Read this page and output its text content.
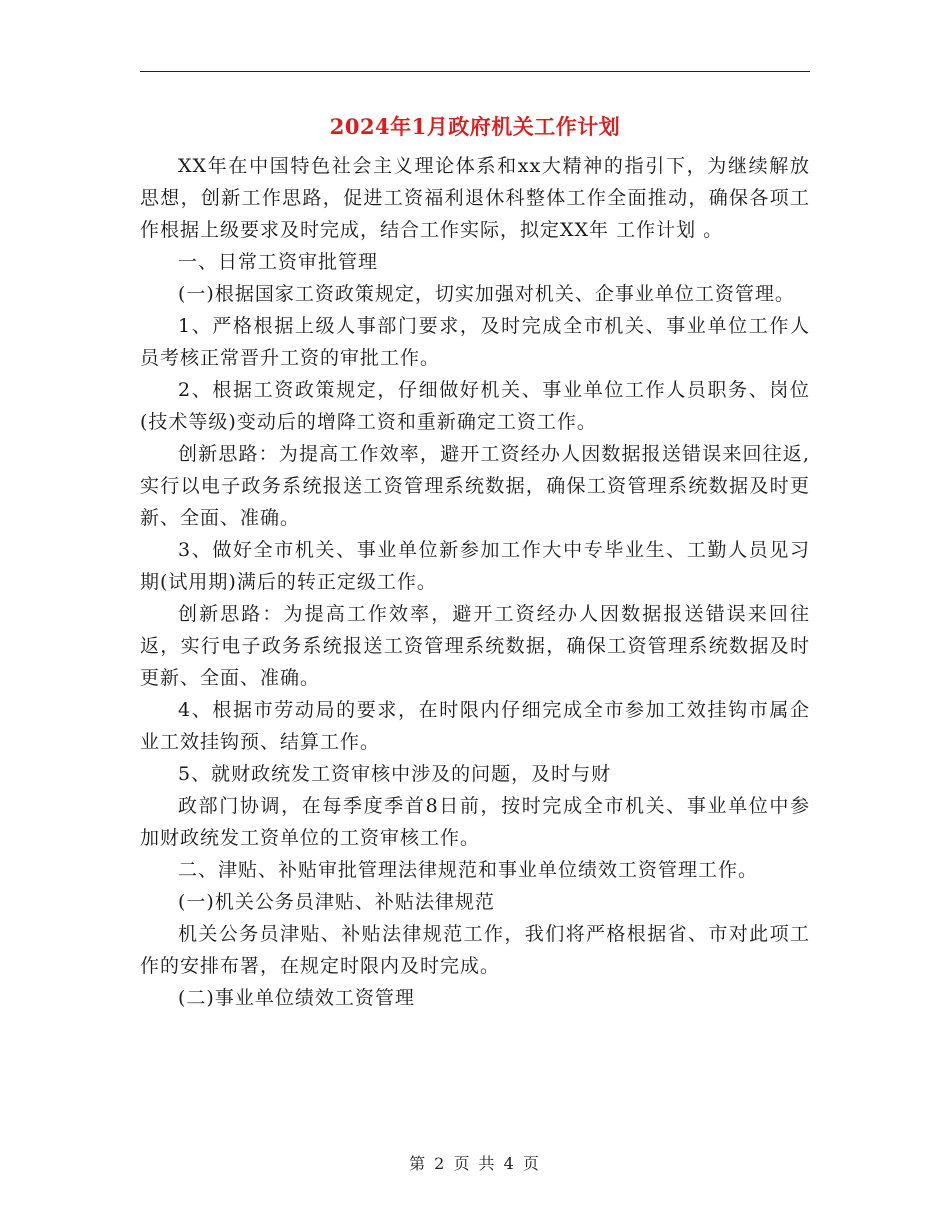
2024年1月政府机关工作计划

XX年在中国特色社会主义理论体系和xx大精神的指引下，为继续解放思想，创新工作思路，促进工资福利退休科整体工作全面推动，确保各项工作根据上级要求及时完成，结合工作实际，拟定XX年 工作计划 。

一、日常工资审批管理

(一)根据国家工资政策规定，切实加强对机关、企事业单位工资管理。

1、严格根据上级人事部门要求，及时完成全市机关、事业单位工作人员考核正常晋升工资的审批工作。

2、根据工资政策规定，仔细做好机关、事业单位工作人员职务、岗位(技术等级)变动后的增降工资和重新确定工资工作。

创新思路：为提高工作效率，避开工资经办人因数据报送错误来回往返,实行以电子政务系统报送工资管理系统数据，确保工资管理系统数据及时更新、全面、准确。

3、做好全市机关、事业单位新参加工作大中专毕业生、工勤人员见习期(试用期)满后的转正定级工作。

创新思路：为提高工作效率，避开工资经办人因数据报送错误来回往返，实行电子政务系统报送工资管理系统数据，确保工资管理系统数据及时更新、全面、准确。

4、根据市劳动局的要求，在时限内仔细完成全市参加工效挂钩市属企业工效挂钩预、结算工作。

5、就财政统发工资审核中涉及的问题，及时与财

政部门协调，在每季度季首8日前，按时完成全市机关、事业单位中参加财政统发工资单位的工资审核工作。

二、津贴、补贴审批管理法律规范和事业单位绩效工资管理工作。

(一)机关公务员津贴、补贴法律规范

机关公务员津贴、补贴法律规范工作，我们将严格根据省、市对此项工作的安排布署，在规定时限内及时完成。

(二)事业单位绩效工资管理

第 2 页 共 4 页
